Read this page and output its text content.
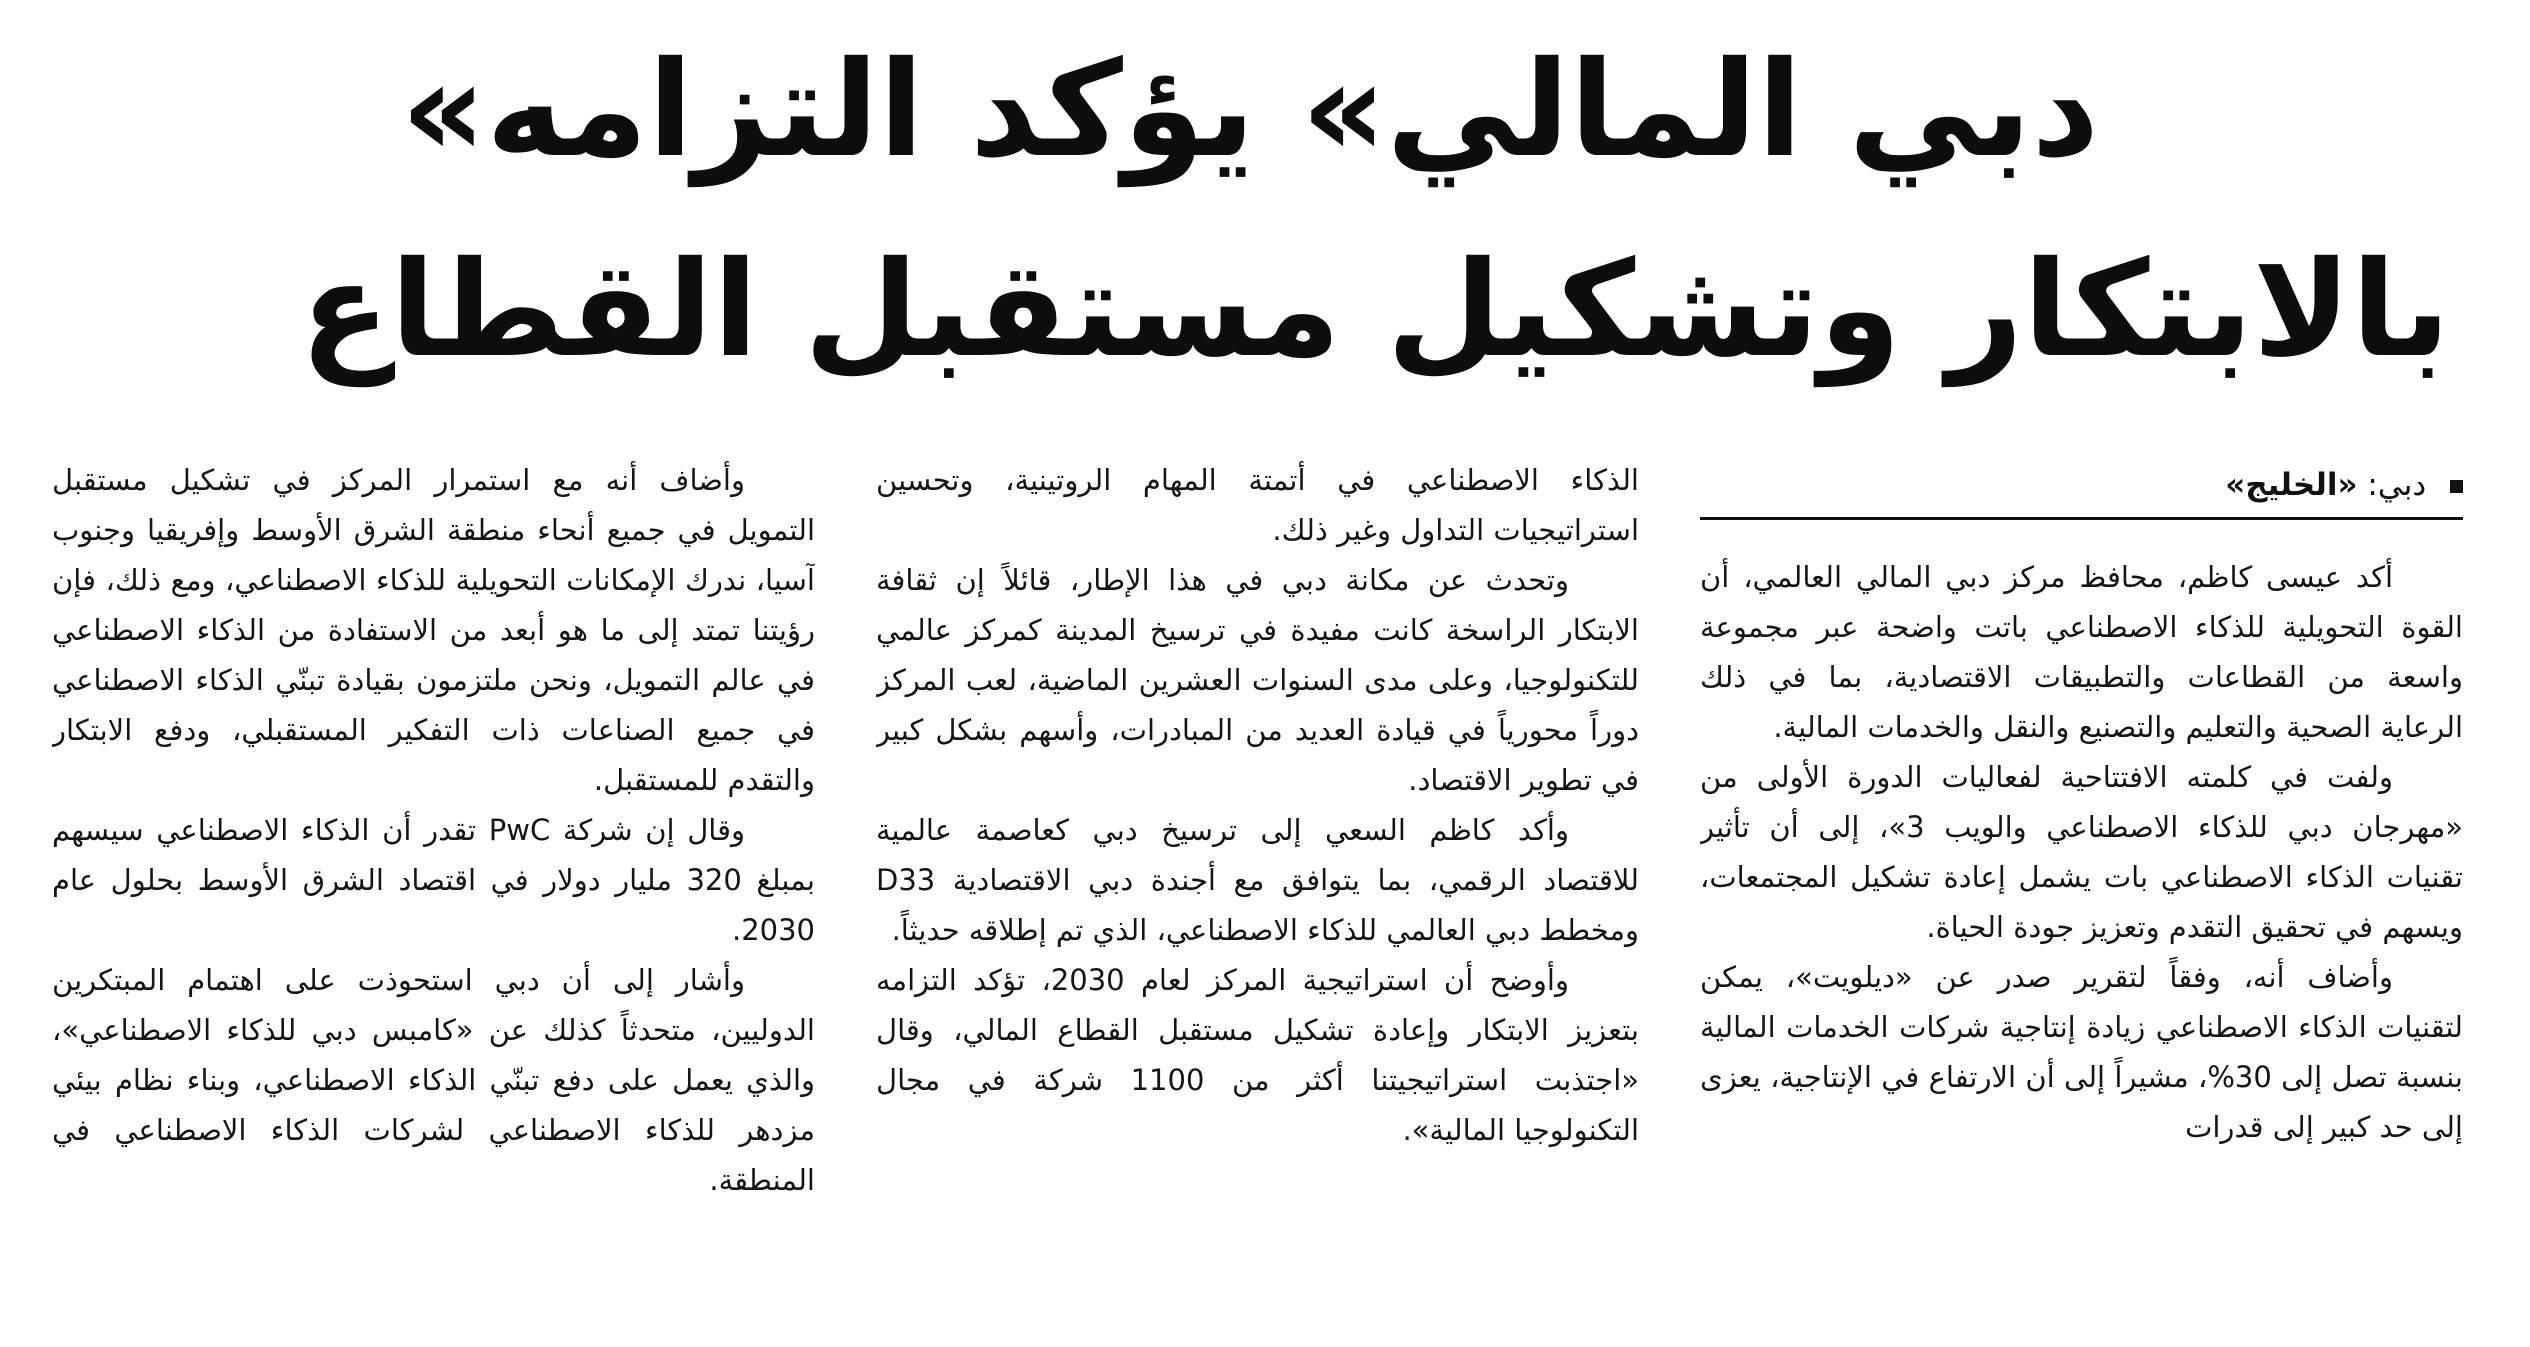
«دبي المالي» يؤكد التزامه
بالابتكار وتشكيل مستقبل القطاع
دبي: «الخليج»

أكد عيسى كاظم، محافظ مركز دبي المالي العالمي، أن القوة التحويلية للذكاء الاصطناعي باتت واضحة عبر مجموعة واسعة من القطاعات والتطبيقات الاقتصادية، بما في ذلك الرعاية الصحية والتعليم والتصنيع والنقل والخدمات المالية.

ولفت في كلمته الافتتاحية لفعاليات الدورة الأولى من «مهرجان دبي للذكاء الاصطناعي والويب 3»، إلى أن تأثير تقنيات الذكاء الاصطناعي بات يشمل إعادة تشكيل المجتمعات، ويسهم في تحقيق التقدم وتعزيز جودة الحياة.

وأضاف أنه، وفقاً لتقرير صدر عن «ديلويت»، يمكن لتقنيات الذكاء الاصطناعي زيادة إنتاجية شركات الخدمات المالية بنسبة تصل إلى 30%، مشيراً إلى أن الارتفاع في الإنتاجية، يعزى إلى حد كبير إلى قدرات

الذكاء الاصطناعي في أتمتة المهام الروتينية، وتحسين استراتيجيات التداول وغير ذلك.

وتحدث عن مكانة دبي في هذا الإطار، قائلاً إن ثقافة الابتكار الراسخة كانت مفيدة في ترسيخ المدينة كمركز عالمي للتكنولوجيا، وعلى مدى السنوات العشرين الماضية، لعب المركز دوراً محورياً في قيادة العديد من المبادرات، وأسهم بشكل كبير في تطوير الاقتصاد.

وأكد كاظم السعي إلى ترسيخ دبي كعاصمة عالمية للاقتصاد الرقمي، بما يتوافق مع أجندة دبي الاقتصادية D33 ومخطط دبي العالمي للذكاء الاصطناعي، الذي تم إطلاقه حديثاً.

وأوضح أن استراتيجية المركز لعام 2030، تؤكد التزامه بتعزيز الابتكار وإعادة تشكيل مستقبل القطاع المالي، وقال «اجتذبت استراتيجيتنا أكثر من 1100 شركة في مجال التكنولوجيا المالية».

وأضاف أنه مع استمرار المركز في تشكيل مستقبل التمويل في جميع أنحاء منطقة الشرق الأوسط وإفريقيا وجنوب آسيا، ندرك الإمكانات التحويلية للذكاء الاصطناعي، ومع ذلك، فإن رؤيتنا تمتد إلى ما هو أبعد من الاستفادة من الذكاء الاصطناعي في عالم التمويل، ونحن ملتزمون بقيادة تبنّي الذكاء الاصطناعي في جميع الصناعات ذات التفكير المستقبلي، ودفع الابتكار والتقدم للمستقبل.

وقال إن شركة PwC تقدر أن الذكاء الاصطناعي سيسهم بمبلغ 320 مليار دولار في اقتصاد الشرق الأوسط بحلول عام 2030.

وأشار إلى أن دبي استحوذت على اهتمام المبتكرين الدوليين، متحدثاً كذلك عن «كامبس دبي للذكاء الاصطناعي»، والذي يعمل على دفع تبنّي الذكاء الاصطناعي، وبناء نظام بيئي مزدهر للذكاء الاصطناعي لشركات الذكاء الاصطناعي في المنطقة.
